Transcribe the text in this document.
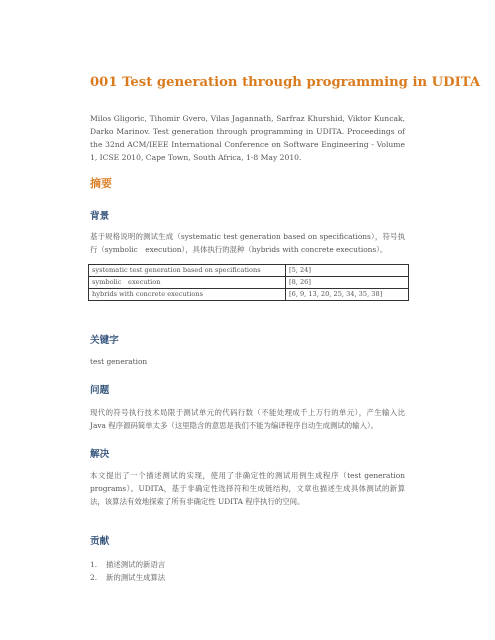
001 Test generation through programming in UDITA
Milos Gligoric, Tihomir Gvero, Vilas Jagannath, Sarfraz Khurshid, Viktor Kuncak, Darko Marinov. Test generation through programming in UDITA. Proceedings of the 32nd ACM/IEEE International Conference on Software Engineering - Volume 1, ICSE 2010, Cape Town, South Africa, 1-8 May 2010.
摘要
背景
基于规格说明的测试生成（systematic test generation based on specifications），符号执行（symbolic　execution），具体执行的混种（hybrids with concrete executions）。
systematic test generation based on specifications	[5, 24]
symbolic　execution	[8, 26]
hybrids with concrete executions	[6, 9, 13, 20, 25, 34, 35, 38]
关键字
test generation
问题
现代的符号执行技术局限于测试单元的代码行数（不能处理成千上万行的单元），产生输入比 Java 程序源码简单太多（这里隐含的意思是我们不能为编译程序自动生成测试的输入）。
解决
本文提出了一个描述测试的实现，使用了非确定性的测试用例生成程序（test generation programs）。UDITA，基于非确定性选择符和生成链结构，文章也描述生成具体测试的新算法，该算法有效地探索了所有非确定性 UDITA 程序执行的空间。
贡献
1. 描述测试的新语言
2. 新的测试生成算法
